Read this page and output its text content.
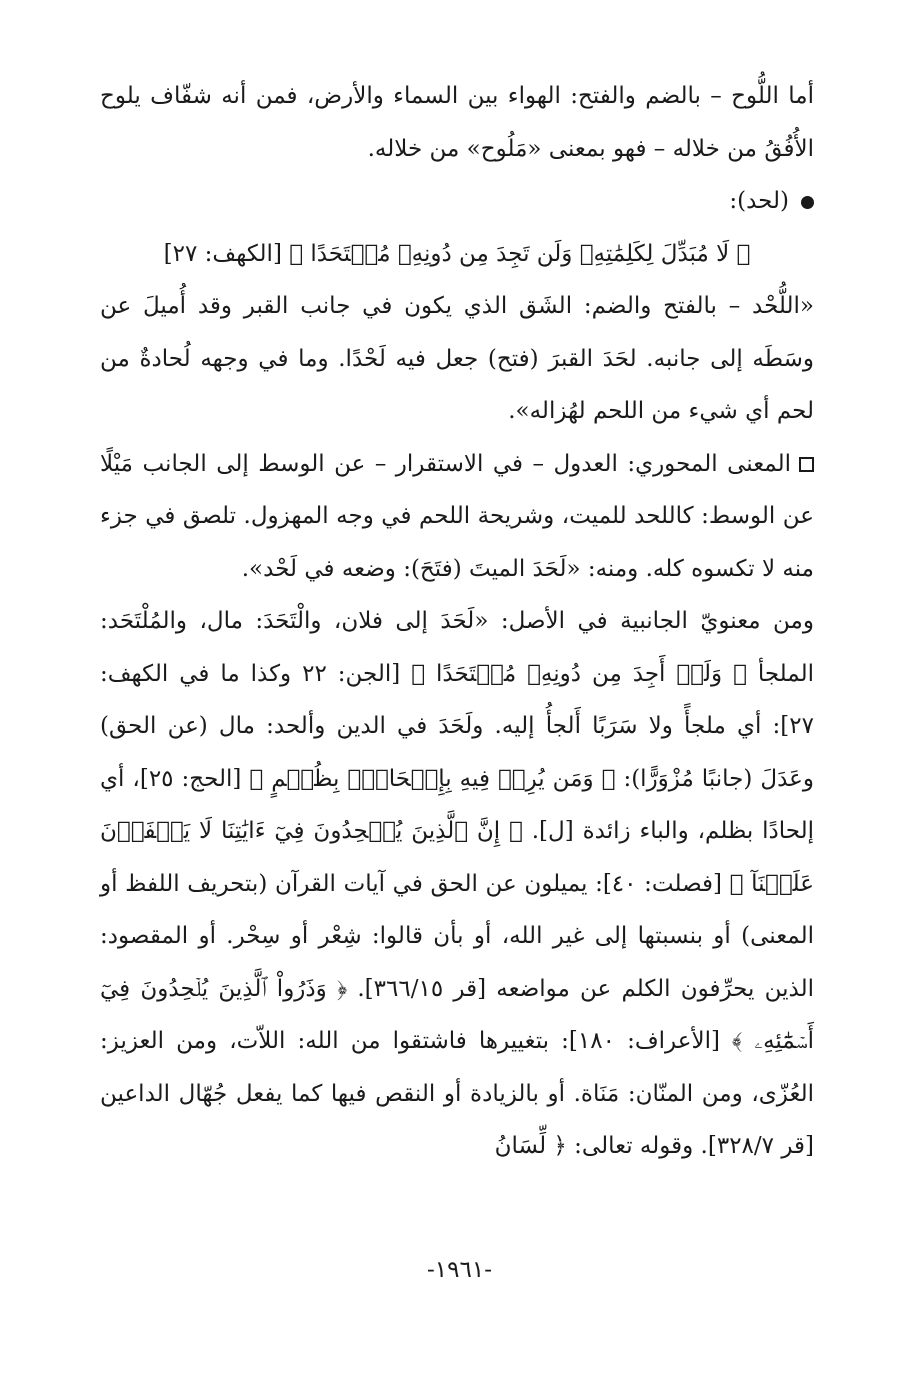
أما اللُّوح – بالضم والفتح: الهواء بين السماء والأرض، فمن أنه شفّاف يلوح الأُفُقُ من خلاله – فهو بمعنى «مَلُوح» من خلاله.

(لحد):

﴿ لَا مُبَدِّلَ لِكَلِمَٰتِهِۦ وَلَن تَجِدَ مِن دُونِهِۦ مُلۡتَحَدًا ﴾ [الكهف: ٢٧]

«اللُّحْد – بالفتح والضم: الشَق الذي يكون في جانب القبر وقد أُميلَ عن وسَطَه إلى جانبه. لحَدَ القبرَ (فتح) جعل فيه لَحْدًا. وما في وجهه لُحادةٌ من لحم أي شيء من اللحم لهُزاله».

المعنى المحوري: العدول – في الاستقرار – عن الوسط إلى الجانب مَيْلًا عن الوسط: كاللحد للميت، وشريحة اللحم في وجه المهزول. تلصق في جزء منه لا تكسوه كله. ومنه: «لَحَدَ الميتَ (فتَحَ): وضعه في لَحْد».

ومن معنويّ الجانبية في الأصل: «لَحَدَ إلى فلان، والْتَحَدَ: مال، والمُلْتَحَد: الملجأ ﴿ وَلَنۡ أَجِدَ مِن دُونِهِۦ مُلۡتَحَدًا ﴾ [الجن: ٢٢ وكذا ما في الكهف: ٢٧]: أي ملجأً ولا سَرَبًا أَلجأُ إليه. ولَحَدَ في الدين وألحد: مال (عن الحق) وعَدَلَ (جانبًا مُزْوَرًّا): ﴿ وَمَن يُرِدۡ فِيهِ بِإِلۡحَادِۭ بِظُلۡمٍ ﴾ [الحج: ٢٥]، أي إلحادًا بظلم، والباء زائدة [ل]. ﴿ إِنَّ ٱلَّذِينَ يُلۡحِدُونَ فِيٓ ءَايَٰتِنَا لَا يَخۡفَوۡنَ عَلَيۡنَآ ﴾ [فصلت: ٤٠]: يميلون عن الحق في آيات القرآن (بتحريف اللفظ أو المعنى) أو بنسبتها إلى غير الله، أو بأن قالوا: شِعْر أو سِحْر. أو المقصود: الذين يحرِّفون الكلم عن مواضعه [قر ٣٦٦/١٥]. ﴿ وَذَرُواْ ٱلَّذِينَ يُلۡحِدُونَ فِيٓ أَسۡمَٰٓئِهِۦ ﴾ [الأعراف: ١٨٠]: بتغييرها فاشتقوا من الله: اللاّت، ومن العزيز: العُزّى، ومن المنّان: مَنَاة. أو بالزيادة أو النقص فيها كما يفعل جُهّال الداعين [قر ٣٢٨/٧]. وقوله تعالى: ﴿ لِّسَانُ

-١٩٦١-
